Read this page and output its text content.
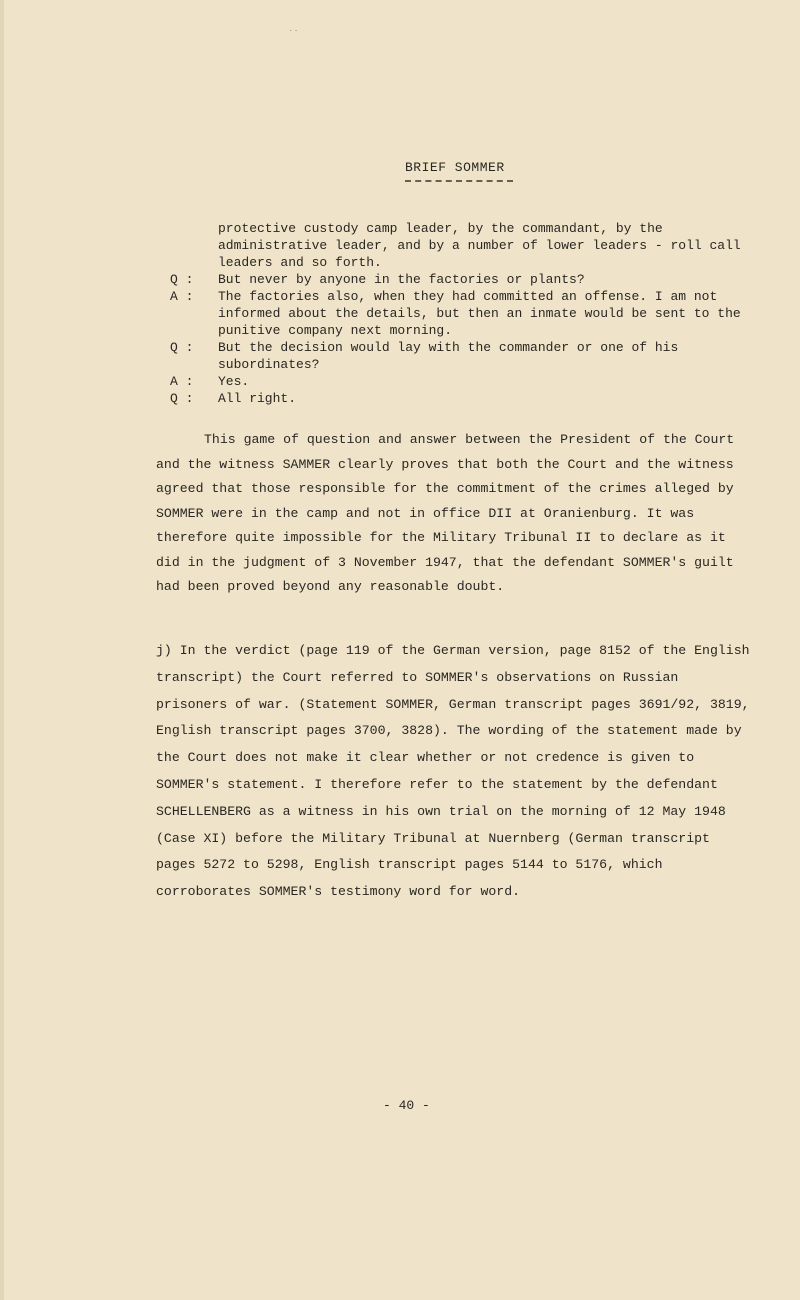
˙˙
BRIEF SOMMER
protective custody camp leader, by the commandant, by the administrative leader, and by a number of lower leaders - roll call leaders and so forth.
Q :	But never by anyone in the factories or plants?
A :	The factories also, when they had committed an offense. I am not informed about the details, but then an inmate would be sent to the punitive company next morning.
Q :	But the decision would lay with the commander or one of his subordinates?
A :	Yes.
Q :	All right.

This game of question and answer between the President of the Court and the witness SAMMER clearly proves that both the Court and the witness agreed that those responsible for the commitment of the crimes alleged by SOMMER were in the camp and not in office DII at Oranienburg. It was therefore quite impossible for the Military Tribunal II to declare as it did in the judgment of 3 November 1947, that the defendant SOMMER's guilt had been proved beyond any reasonable doubt.

j) In the verdict (page 119 of the German version, page 8152 of the English transcript) the Court referred to SOMMER's observations on Russian prisoners of war. (Statement SOMMER, German transcript pages 3691/92, 3819, English transcript pages 3700, 3828). The wording of the statement made by the Court does not make it clear whether or not credence is given to SOMMER's statement. I therefore refer to the statement by the defendant SCHELLENBERG as a witness in his own trial on the morning of 12 May 1948 (Case XI) before the Military Tribunal at Nuernberg (German transcript pages 5272 to 5298, English transcript pages 5144 to 5176, which corroborates SOMMER's testimony word for word.

- 40 -
